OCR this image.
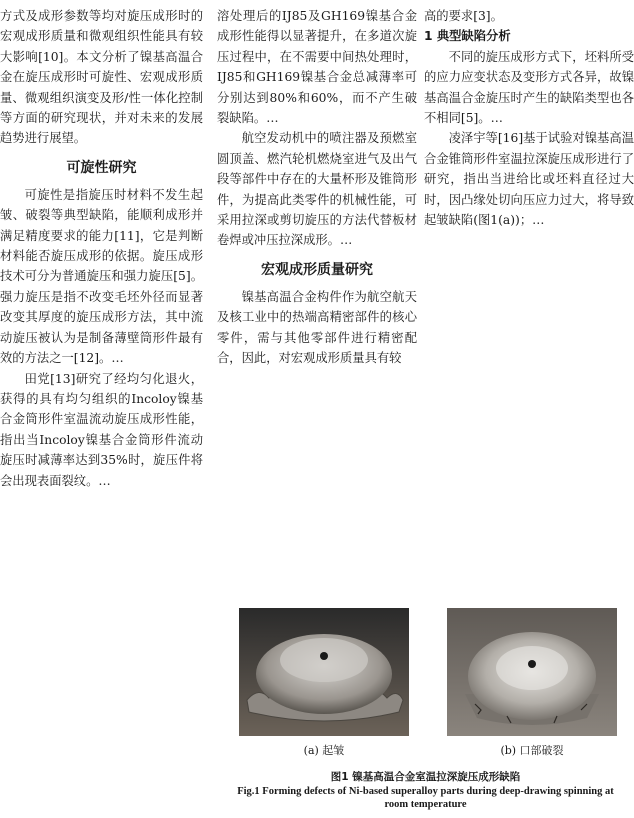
方式及成形参数等均对旋压成形时的宏观成形质量和微观组织性能具有较大影响[10]。本文分析了镍基高温合金在旋压成形时可旋性、宏观成形质量、微观组织演变及形/性一体化控制等方面的研究现状，并对未来的发展趋势进行展望。

可旋性研究

可旋性是指旋压时材料不发生起皱、破裂等典型缺陷，能顺利成形并满足精度要求的能力[11]，它是判断材料能否旋压成形的依据。旋压成形技术可分为普通旋压和强力旋压[5]。强力旋压是指不改变毛坯外径而显著改变其厚度的旋压成形方法，其中流动旋压被认为是制备薄壁筒形件最有效的方法之一[12]。…

田党[13]研究了经均匀化退火，获得的具有均匀组织的Incoloy镍基合金筒形件室温流动旋压成形性能，指出当Incoloy镍基合金筒形件流动旋压时减薄率达到35%时，旋压件将会出现表面裂纹。…

溶处理后的IJ85及GH169镍基合金成形性能得以显著提升，在多道次旋压过程中，在不需要中间热处理时，IJ85和GH169镍基合金总减薄率可分别达到80%和60%，而不产生破裂缺陷。…

航空发动机中的喷注器及预燃室圆顶盖、燃汽轮机燃烧室进气及出气段等部件中存在的大量杯形及锥筒形件，为提高此类零件的机械性能，可采用拉深或剪切旋压的方法代替板材卷焊或冲压拉深成形。…

宏观成形质量研究

镍基高温合金构件作为航空航天及核工业中的热端高精密部件的核心零件，需与其他零部件进行精密配合，因此，对宏观成形质量具有较

高的要求[3]。

1 典型缺陷分析

不同的旋压成形方式下，坯料所受的应力应变状态及变形方式各异，故镍基高温合金旋压时产生的缺陷类型也各不相同[5]。…

凌泽宇等[16]基于试验对镍基高温合金锥筒形件室温拉深旋压成形进行了研究，指出当进给比或坯料直径过大时，因凸缘处切向压应力过大，将导致起皱缺陷(图1(a))；…

(a) 起皱	(b) 口部破裂
图1 镍基高温合金室温拉深旋压成形缺陷
Fig.1 Forming defects of Ni-based superalloy parts during deep-drawing spinning at room temperature
